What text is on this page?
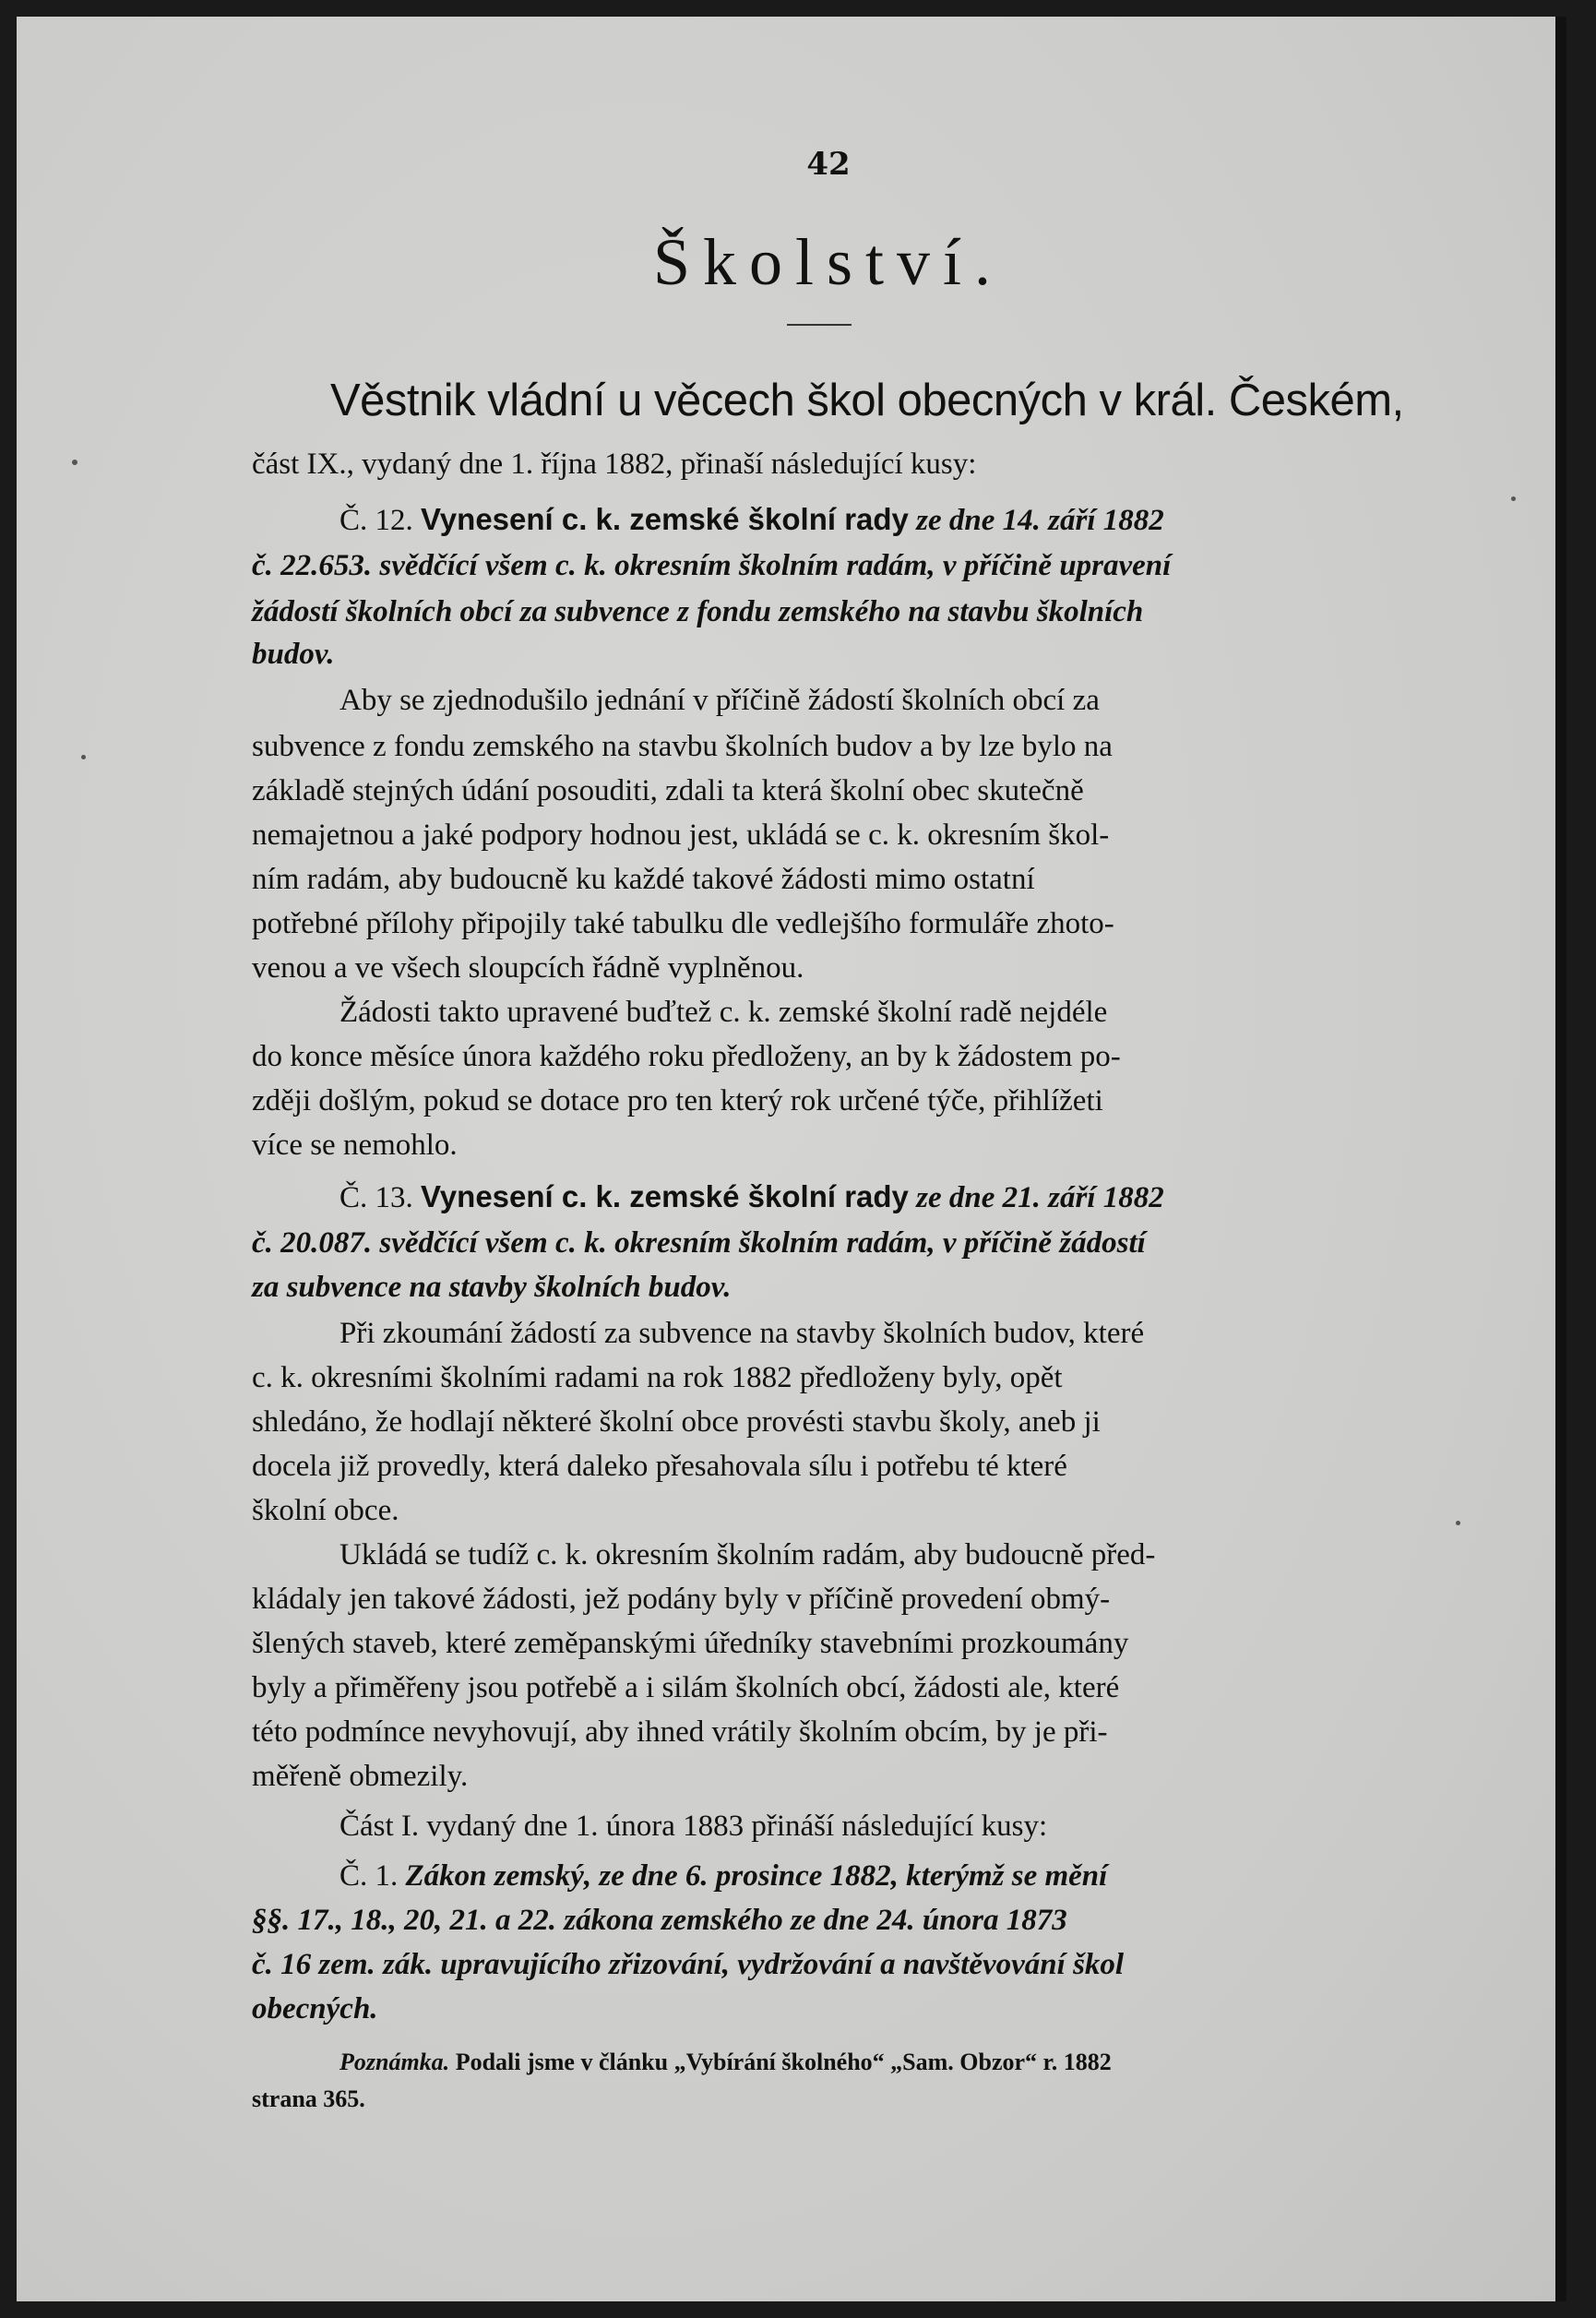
42
Školství.
Věstnik vládní u věcech škol obecných v král. Českém,
část IX., vydaný dne 1. října 1882, přinaší následující kusy:
Č. 12. Vynesení c. k. zemské školní rady ze dne 14. září 1882
č. 22.653. svědčící všem c. k. okresním školním radám, v příčině upravení
žádostí školních obcí za subvence z fondu zemského na stavbu školních
budov.
Aby se zjednodušilo jednání v příčině žádostí školních obcí za
subvence z fondu zemského na stavbu školních budov a by lze bylo na
základě stejných údání posouditi, zdali ta která školní obec skutečně
nemajetnou a jaké podpory hodnou jest, ukládá se c. k. okresním škol-
ním radám, aby budoucně ku každé takové žádosti mimo ostatní
potřebné přílohy připojily také tabulku dle vedlejšího formuláře zhoto-
venou a ve všech sloupcích řádně vyplněnou.
Žádosti takto upravené buďtež c. k. zemské školní radě nejdéle
do konce měsíce února každého roku předloženy, an by k žádostem po-
zději došlým, pokud se dotace pro ten který rok určené týče, přihlížeti
více se nemohlo.
Č. 13. Vynesení c. k. zemské školní rady ze dne 21. září 1882
č. 20.087. svědčící všem c. k. okresním školním radám, v příčině žádostí
za subvence na stavby školních budov.
Při zkoumání žádostí za subvence na stavby školních budov, které
c. k. okresními školními radami na rok 1882 předloženy byly, opět
shledáno, že hodlají některé školní obce provésti stavbu školy, aneb ji
docela již provedly, která daleko přesahovala sílu i potřebu té které
školní obce.
Ukládá se tudíž c. k. okresním školním radám, aby budoucně před-
kládaly jen takové žádosti, jež podány byly v příčině provedení obmý-
šlených staveb, které zeměpanskými úředníky stavebními prozkoumány
byly a přiměřeny jsou potřebě a i silám školních obcí, žádosti ale, které
této podmínce nevyhovují, aby ihned vrátily školním obcím, by je při-
měřeně obmezily.
Část I. vydaný dne 1. února 1883 přináší následující kusy:
Č. 1. Zákon zemský, ze dne 6. prosince 1882, kterýmž se mění
§§. 17., 18., 20, 21. a 22. zákona zemského ze dne 24. února 1873
č. 16 zem. zák. upravujícího zřizování, vydržování a navštěvování škol
obecných.
Poznámka. Podali jsme v článku „Vybírání školného“ „Sam. Obzor“ r. 1882
strana 365.
